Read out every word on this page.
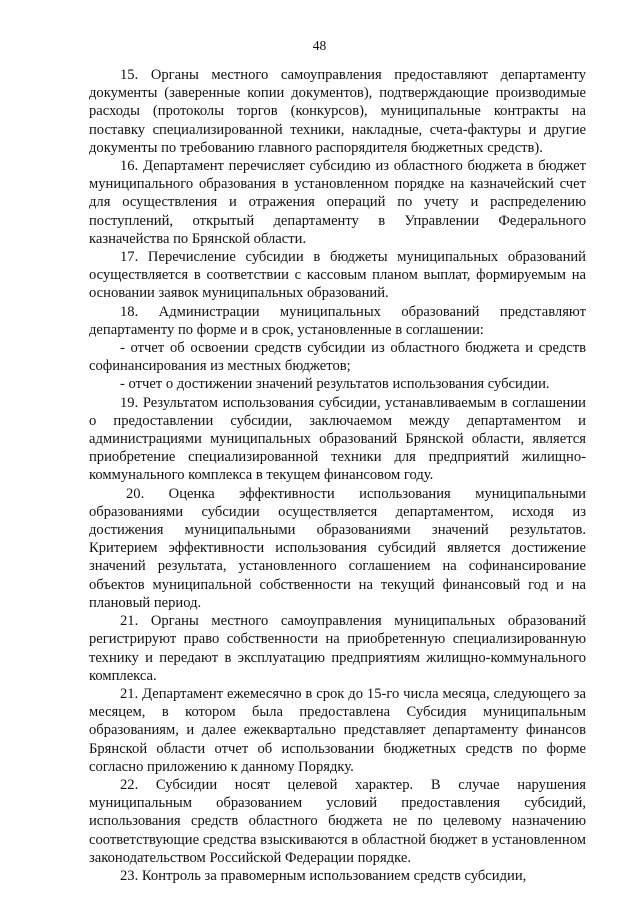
48

15. Органы местного самоуправления предоставляют департаменту документы (заверенные копии документов), подтверждающие производимые расходы (протоколы торгов (конкурсов), муниципальные контракты на поставку специализированной техники, накладные, счета-фактуры и другие документы по требованию главного распорядителя бюджетных средств).

16. Департамент перечисляет субсидию из областного бюджета в бюджет муниципального образования в установленном порядке на казначейский счет для осуществления и отражения операций по учету и распределению поступлений, открытый департаменту в Управлении Федерального казначейства по Брянской области.

17. Перечисление субсидии в бюджеты муниципальных образований осуществляется в соответствии с кассовым планом выплат, формируемым на основании заявок муниципальных образований.

18. Администрации муниципальных образований представляют департаменту по форме и в срок, установленные в соглашении:

- отчет об освоении средств субсидии из областного бюджета и средств софинансирования из местных бюджетов;

- отчет о достижении значений результатов использования субсидии.

19. Результатом использования субсидии, устанавливаемым в соглашении о предоставлении субсидии, заключаемом между департаментом и администрациями муниципальных образований Брянской области, является приобретение специализированной техники для предприятий жилищно-коммунального комплекса в текущем финансовом году.

20. Оценка эффективности использования муниципальными образованиями субсидии осуществляется департаментом, исходя из достижения муниципальными образованиями значений результатов. Критерием эффективности использования субсидий является достижение значений результата, установленного соглашением на софинансирование объектов муниципальной собственности на текущий финансовый год и на плановый период.

21. Органы местного самоуправления муниципальных образований регистрируют право собственности на приобретенную специализированную технику и передают в эксплуатацию предприятиям жилищно-коммунального комплекса.

21. Департамент ежемесячно в срок до 15-го числа месяца, следующего за месяцем, в котором была предоставлена Субсидия муниципальным образованиям, и далее ежеквартально представляет департаменту финансов Брянской области отчет об использовании бюджетных средств по форме согласно приложению к данному Порядку.

22. Субсидии носят целевой характер. В случае нарушения муниципальным образованием условий предоставления субсидий, использования средств областного бюджета не по целевому назначению соответствующие средства взыскиваются в областной бюджет в установленном законодательством Российской Федерации порядке.

23. Контроль за правомерным использованием средств субсидии,
